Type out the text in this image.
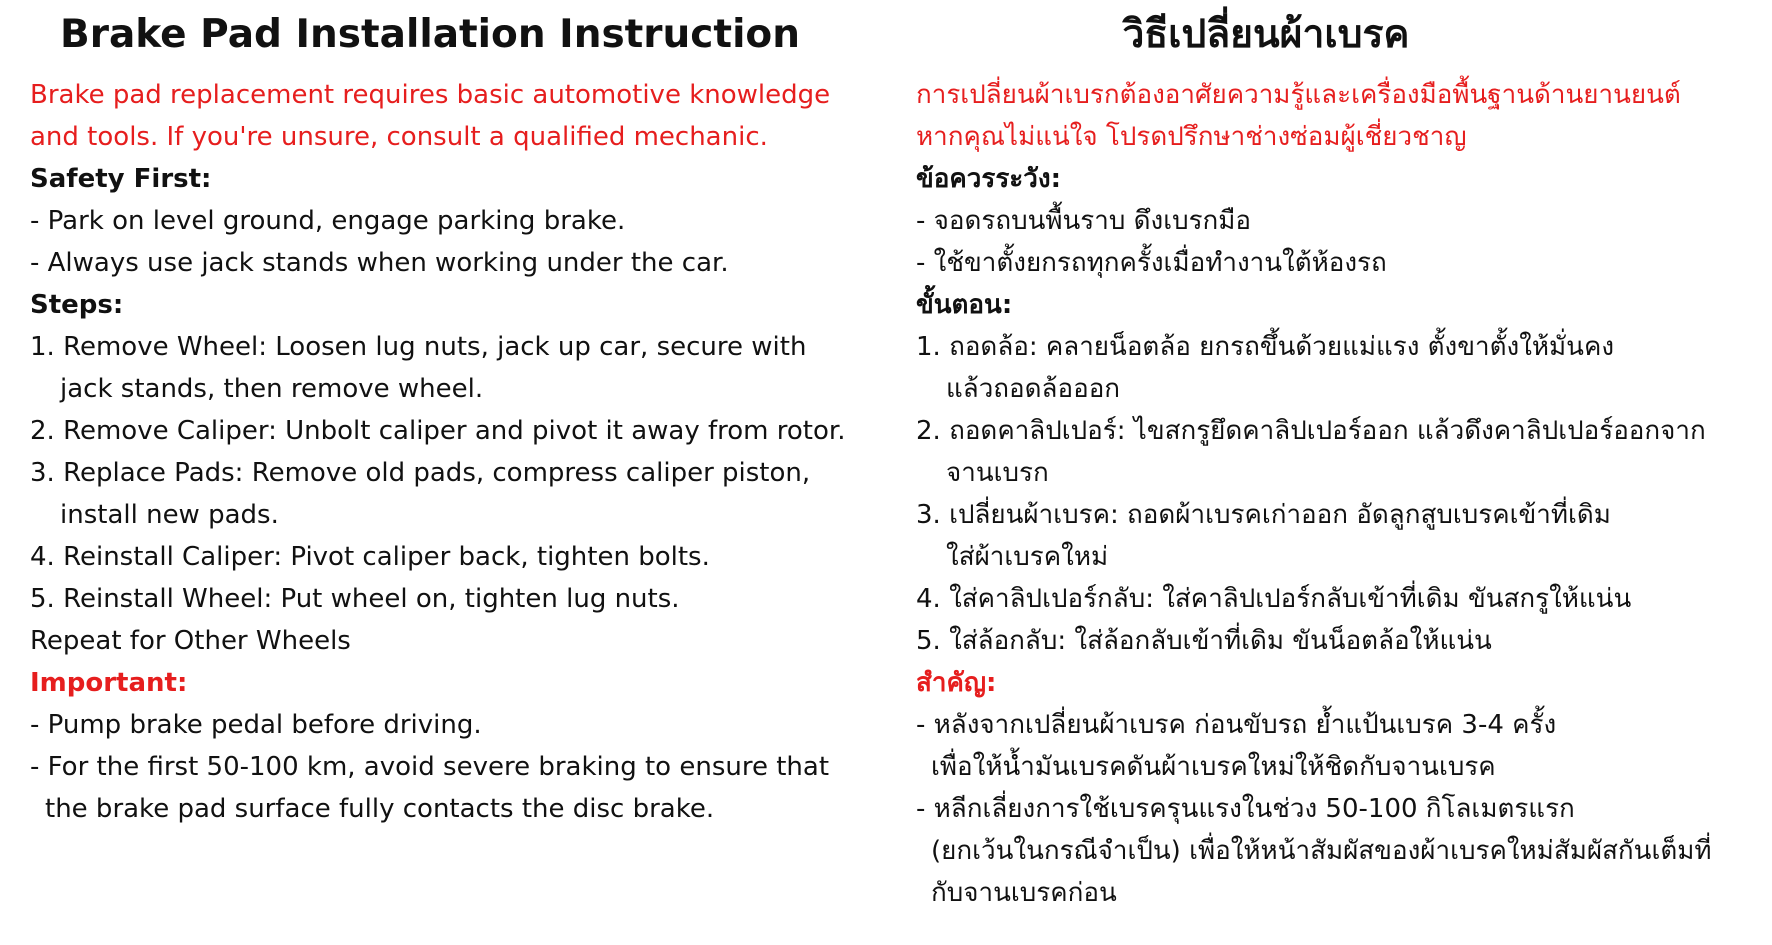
Brake Pad Installation Instruction
Brake pad replacement requires basic automotive knowledge
and tools. If you're unsure, consult a qualified mechanic.
Safety First:
- Park on level ground, engage parking brake.
- Always use jack stands when working under the car.
Steps:
1. Remove Wheel: Loosen lug nuts, jack up car, secure with
jack stands, then remove wheel.
2. Remove Caliper: Unbolt caliper and pivot it away from rotor.
3. Replace Pads: Remove old pads, compress caliper piston,
install new pads.
4. Reinstall Caliper: Pivot caliper back, tighten bolts.
5. Reinstall Wheel: Put wheel on, tighten lug nuts.
Repeat for Other Wheels
Important:
- Pump brake pedal before driving.
- For the first 50-100 km, avoid severe braking to ensure that
the brake pad surface fully contacts the disc brake.
วิธีเปลี่ยนผ้าเบรค
การเปลี่ยนผ้าเบรกต้องอาศัยความรู้และเครื่องมือพื้นฐานด้านยานยนต์
หากคุณไม่แน่ใจ โปรดปรึกษาช่างซ่อมผู้เชี่ยวชาญ
ข้อควรระวัง:
- จอดรถบนพื้นราบ ดึงเบรกมือ
- ใช้ขาตั้งยกรถทุกครั้งเมื่อทำงานใต้ห้องรถ
ขั้นตอน:
1. ถอดล้อ: คลายน็อตล้อ ยกรถขึ้นด้วยแม่แรง ตั้งขาตั้งให้มั่นคง
แล้วถอดล้อออก
2. ถอดคาลิปเปอร์: ไขสกรูยึดคาลิปเปอร์ออก แล้วดึงคาลิปเปอร์ออกจาก
จานเบรก
3. เปลี่ยนผ้าเบรค: ถอดผ้าเบรคเก่าออก อัดลูกสูบเบรคเข้าที่เดิม
ใส่ผ้าเบรคใหม่
4. ใส่คาลิปเปอร์กลับ: ใส่คาลิปเปอร์กลับเข้าที่เดิม ขันสกรูให้แน่น
5. ใส่ล้อกลับ: ใส่ล้อกลับเข้าที่เดิม ขันน็อตล้อให้แน่น
สำคัญ:
- หลังจากเปลี่ยนผ้าเบรค ก่อนขับรถ ย้ำแป้นเบรค 3-4 ครั้ง
เพื่อให้น้ำมันเบรคดันผ้าเบรคใหม่ให้ชิดกับจานเบรค
- หลีกเลี่ยงการใช้เบรครุนแรงในช่วง 50-100 กิโลเมตรแรก
(ยกเว้นในกรณีจำเป็น) เพื่อให้หน้าสัมผัสของผ้าเบรคใหม่สัมผัสกันเต็มที่
กับจานเบรคก่อน
